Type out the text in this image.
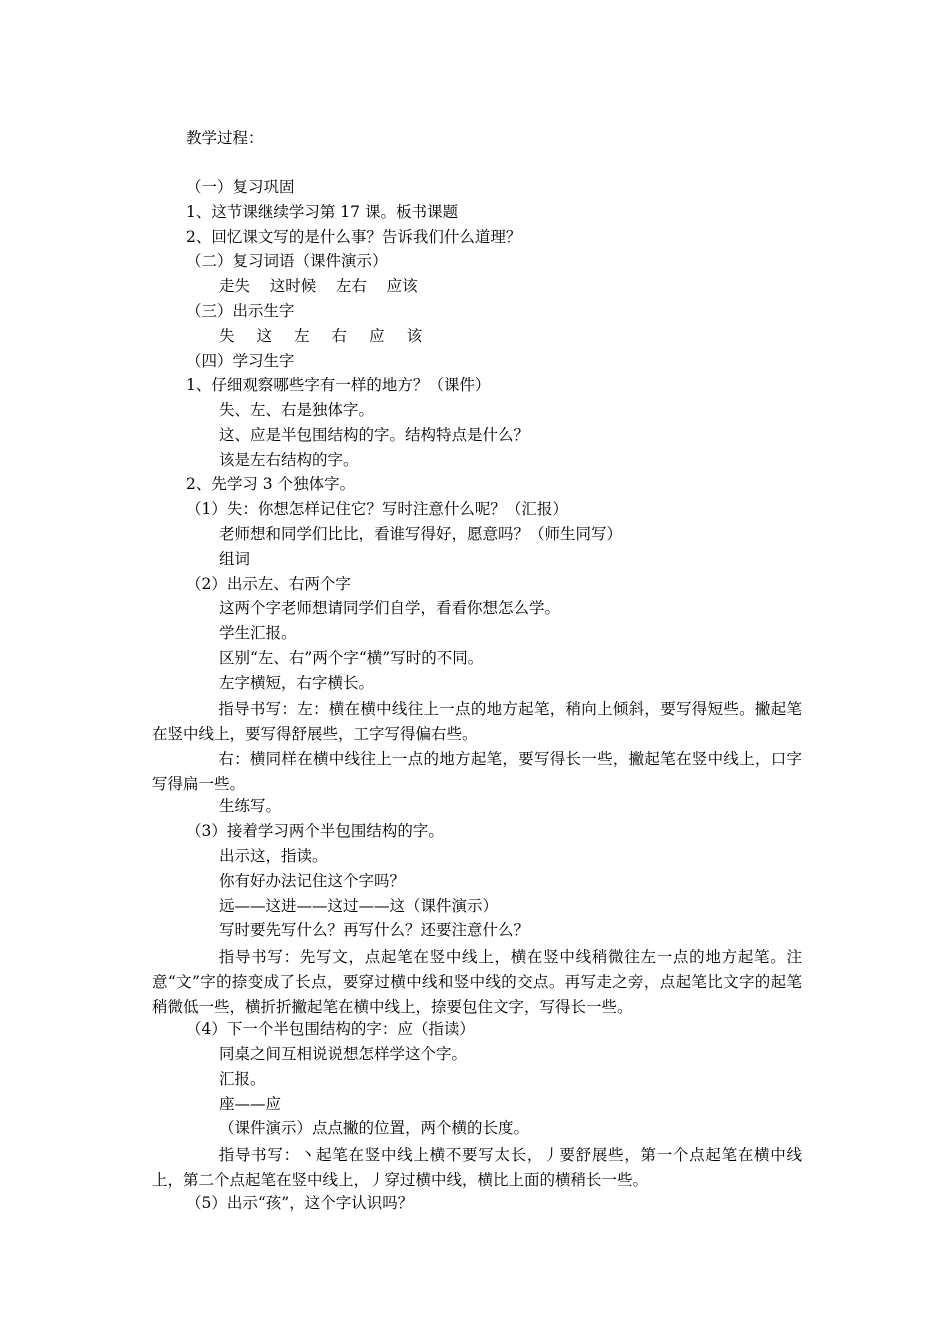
教学过程：
（一）复习巩固
1、这节课继续学习第 17 课。板书课题
2、回忆课文写的是什么事？告诉我们什么道理？
（二）复习词语（课件演示）
走失    这时候    左右    应该
（三）出示生字
失 这 左 右 应 该
（四）学习生字
1、仔细观察哪些字有一样的地方？（课件）
失、左、右是独体字。
这、应是半包围结构的字。结构特点是什么？
该是左右结构的字。
2、先学习 3 个独体字。
（1）失：你想怎样记住它？写时注意什么呢？（汇报）
老师想和同学们比比，看谁写得好，愿意吗？（师生同写）
组词
（2）出示左、右两个字
这两个字老师想请同学们自学，看看你想怎么学。
学生汇报。
区别“左、右”两个字“横”写时的不同。
左字横短，右字横长。
指导书写：左：横在横中线往上一点的地方起笔，稍向上倾斜，要写得短些。撇起笔在竖中线上，要写得舒展些，工字写得偏右些。
右：横同样在横中线往上一点的地方起笔，要写得长一些，撇起笔在竖中线上，口字写得扁一些。
生练写。
（3）接着学习两个半包围结构的字。
出示这，指读。
你有好办法记住这个字吗？
远——这进——这过——这（课件演示）
写时要先写什么？再写什么？还要注意什么？
指导书写：先写文，点起笔在竖中线上，横在竖中线稍微往左一点的地方起笔。注意“文”字的捺变成了长点，要穿过横中线和竖中线的交点。再写走之旁，点起笔比文字的起笔稍微低一些，横折折撇起笔在横中线上，捺要包住文字，写得长一些。
（4）下一个半包围结构的字：应（指读）
同桌之间互相说说想怎样学这个字。
汇报。
座——应
（课件演示）点点撇的位置，两个横的长度。
指导书写：丶起笔在竖中线上横不要写太长，丿要舒展些，第一个点起笔在横中线上，第二个点起笔在竖中线上，丿穿过横中线，横比上面的横稍长一些。
（5）出示“孩”，这个字认识吗？
